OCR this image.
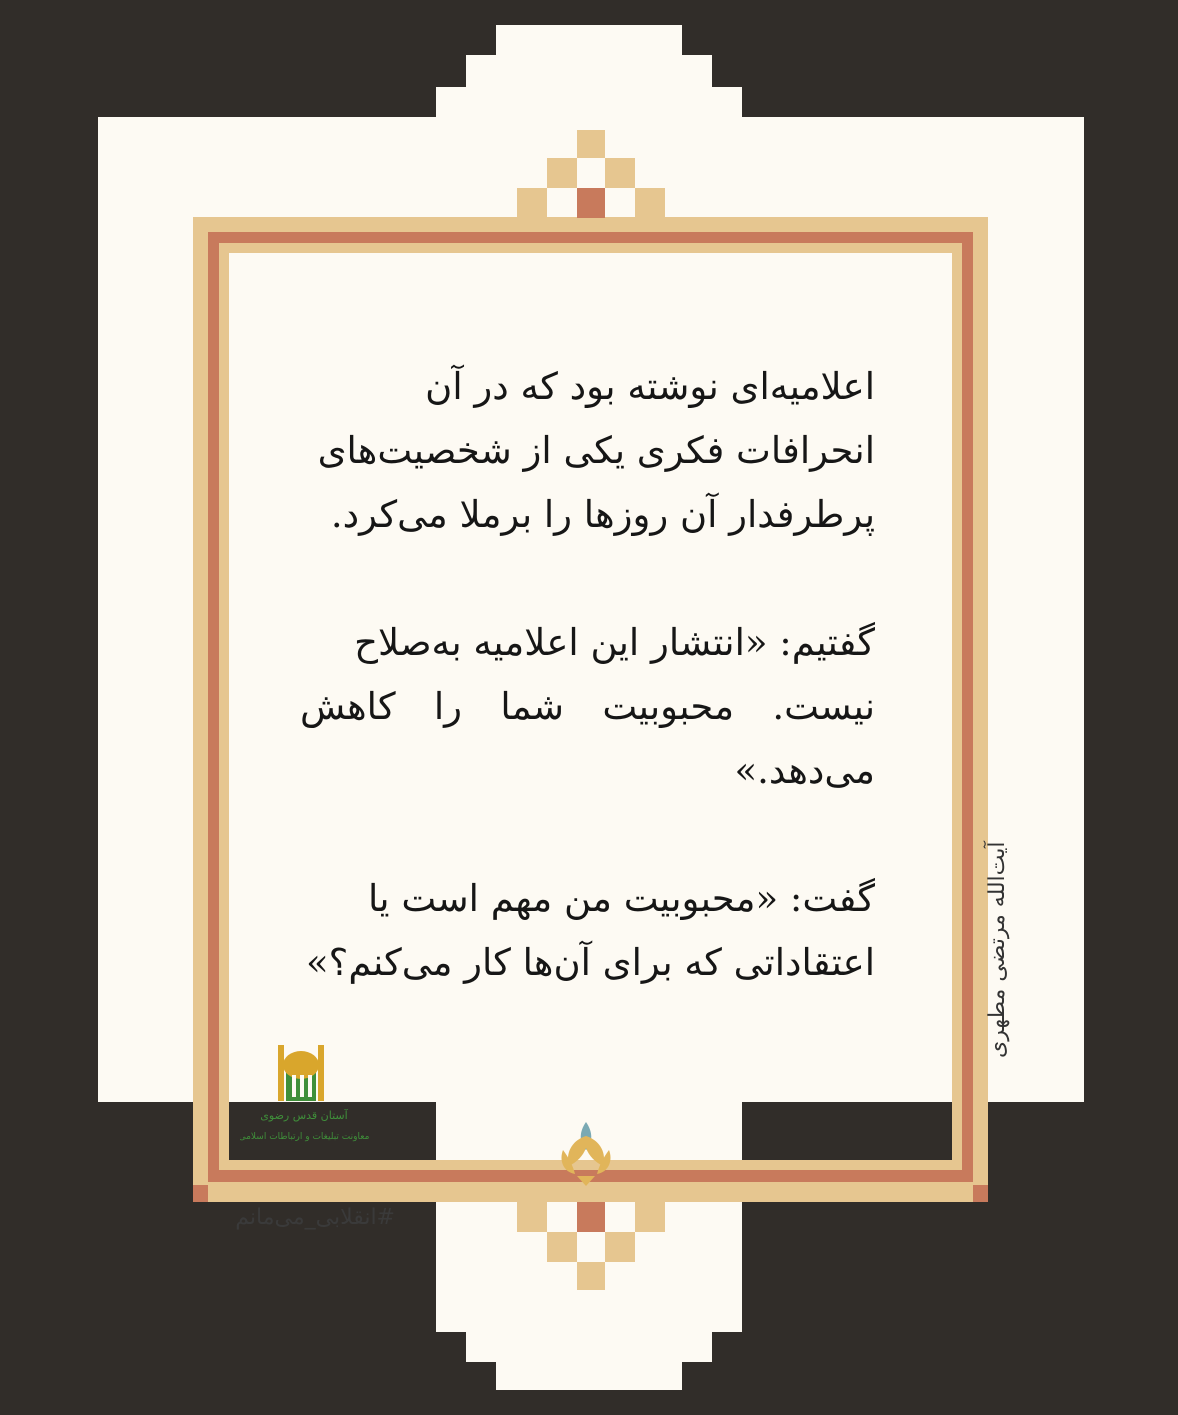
اعلامیه‌ای نوشته بود که در آن
انحرافات فکری یکی از شخصیت‌های
پرطرفدار آن روزها را برملا می‌کرد.

گفتیم: «انتشار این اعلامیه به‌صلاح
نیست. محبوبیت شما را کاهش می‌دهد.»

گفت: «محبوبیت من مهم است یا
اعتقاداتی که برای آن‌ها کار می‌کنم؟»	آیت‌الله مرتضی مطهری
آستان قدس رضوی
معاونت تبلیغات و ارتباطات اسلامی
#انقلابی_می‌مانم
